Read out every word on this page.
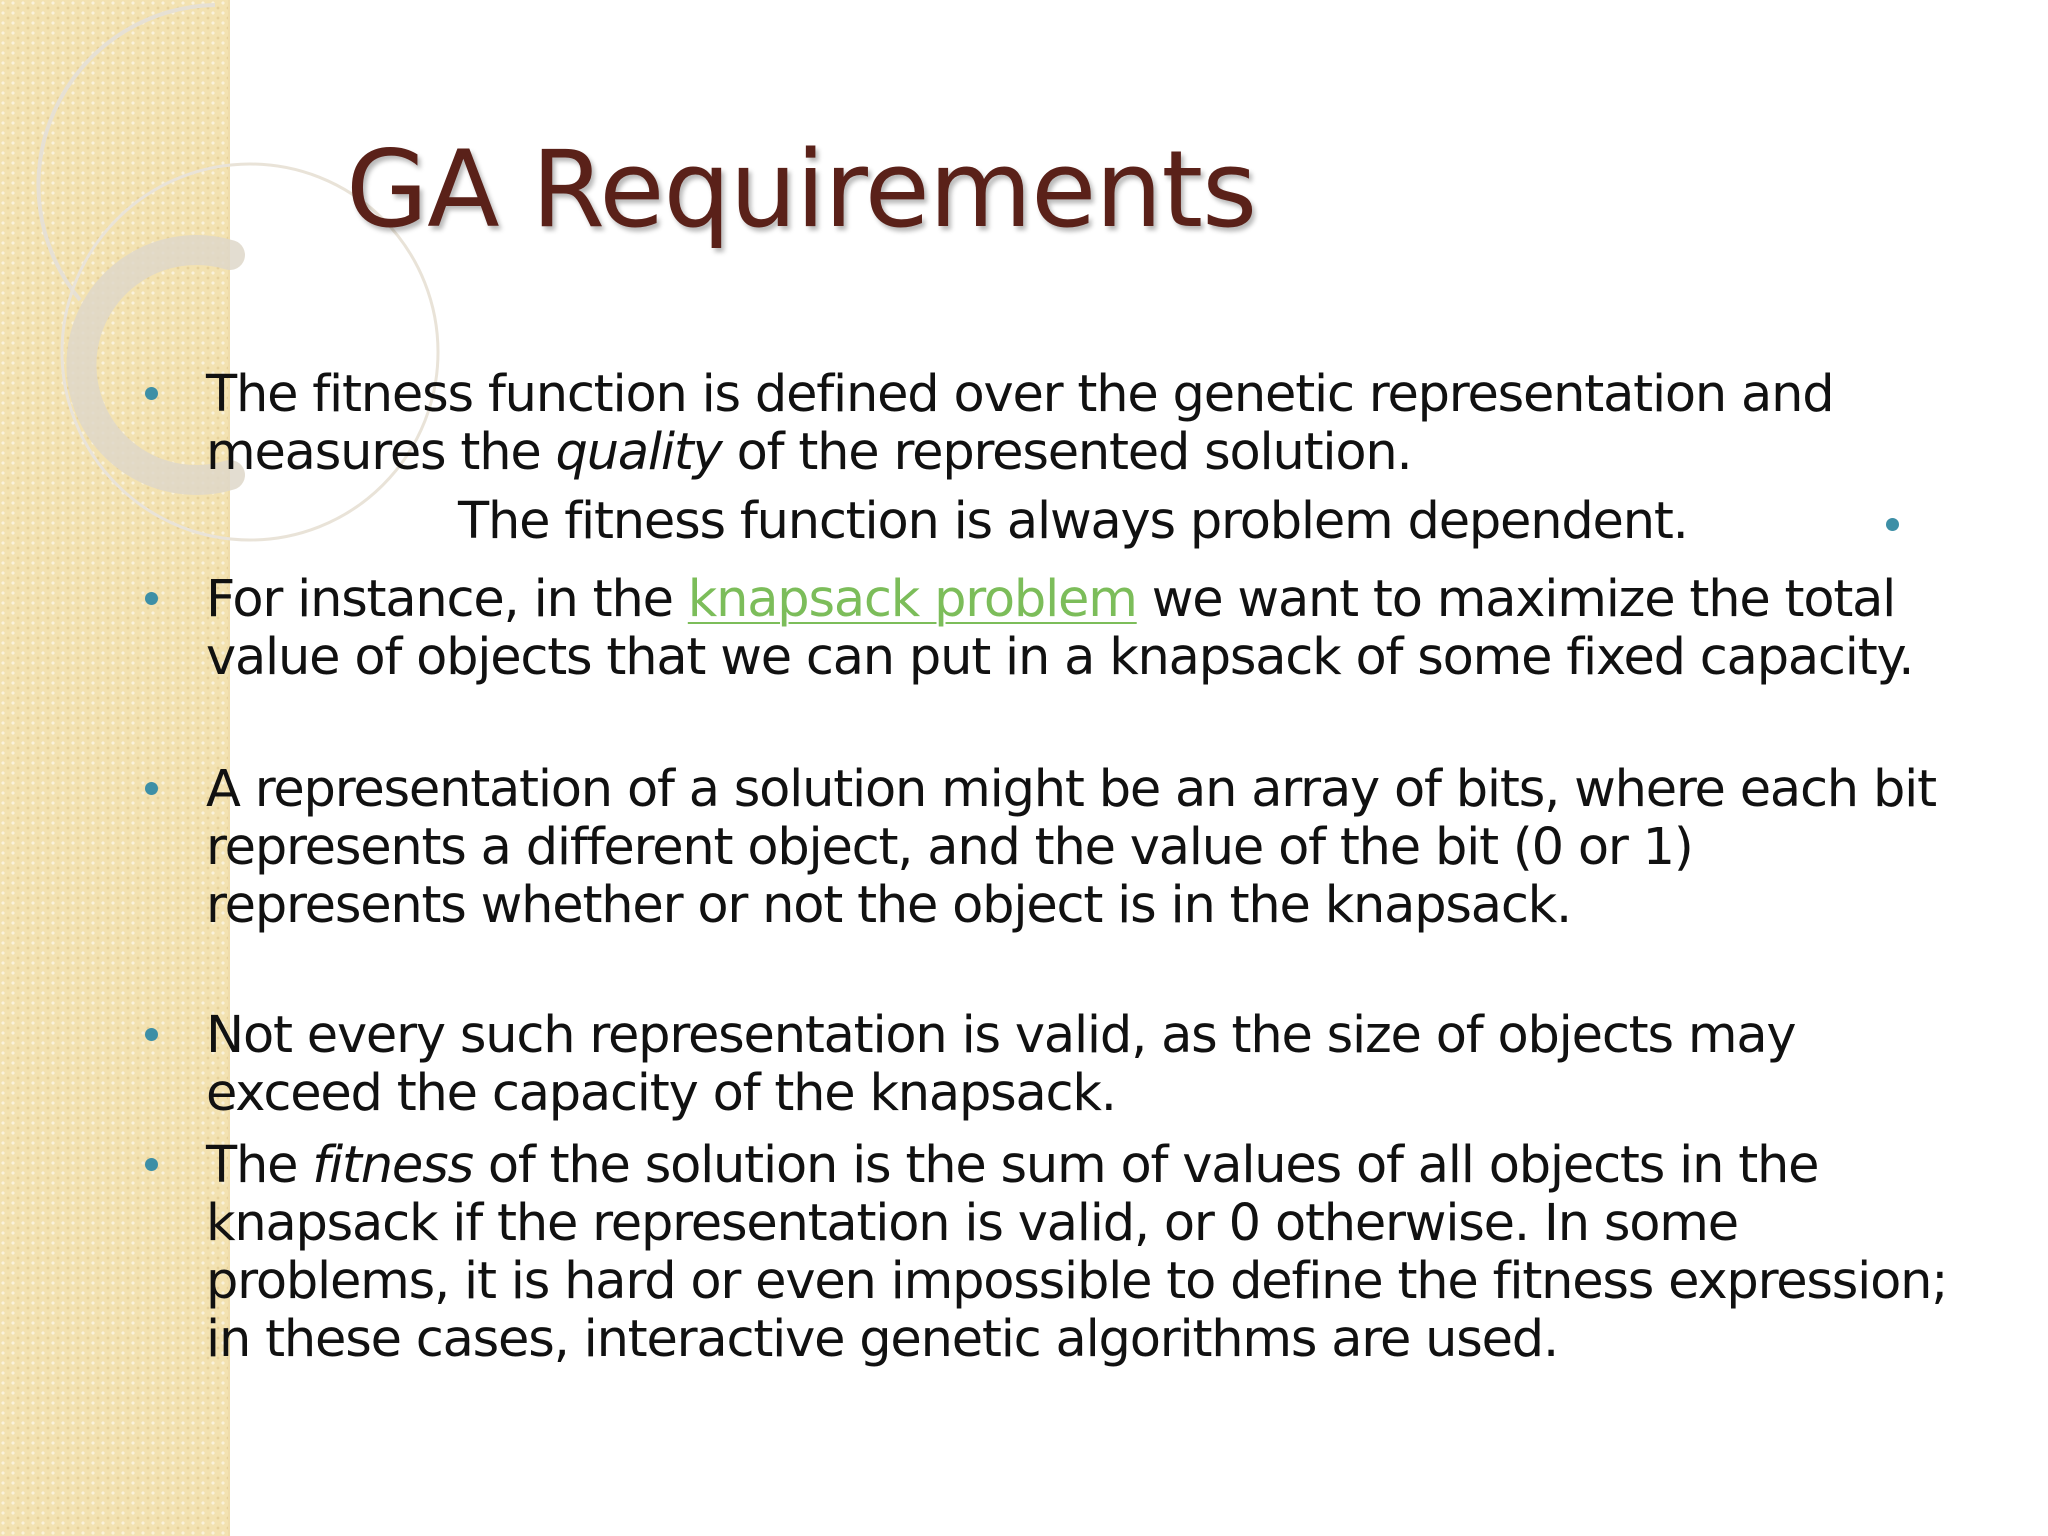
GA Requirements

The fitness function is defined over the genetic representation and measures the quality of the represented solution.

The fitness function is always problem dependent.

For instance, in the knapsack problem we want to maximize the total value of objects that we can put in a knapsack of some fixed capacity.

A representation of a solution might be an array of bits, where each bit represents a different object, and the value of the bit (0 or 1) represents whether or not the object is in the knapsack.

Not every such representation is valid, as the size of objects may exceed the capacity of the knapsack.

The fitness of the solution is the sum of values of all objects in the knapsack if the representation is valid, or 0 otherwise. In some problems, it is hard or even impossible to define the fitness expression; in these cases, interactive genetic algorithms are used.
